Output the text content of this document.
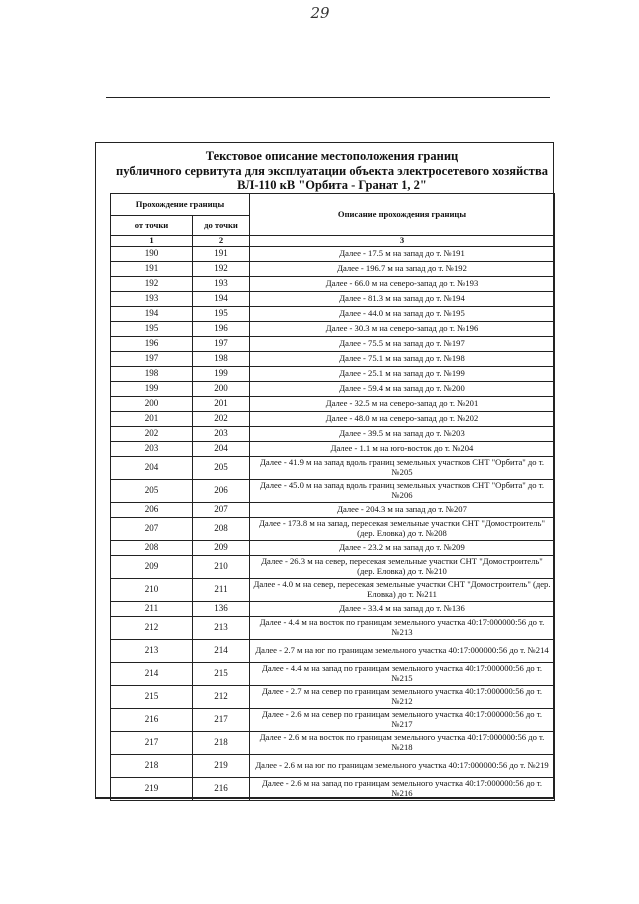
29
Текстовое описание местоположения границ
публичного сервитута для эксплуатации объекта электросетевого хозяйства
ВЛ-110 кВ "Орбита - Гранат 1, 2"
Прохождение границы		Описание прохождения границы
от точки	до точки	
1	2	3
190	191	Далее - 17.5 м на запад до т. №191
191	192	Далее - 196.7 м на запад до т. №192
192	193	Далее - 66.0 м на северо-запад до т. №193
193	194	Далее - 81.3 м на запад до т. №194
194	195	Далее - 44.0 м на запад до т. №195
195	196	Далее - 30.3 м на северо-запад до т. №196
196	197	Далее - 75.5 м на запад до т. №197
197	198	Далее - 75.1 м на запад до т. №198
198	199	Далее - 25.1 м на запад до т. №199
199	200	Далее - 59.4 м на запад до т. №200
200	201	Далее - 32.5 м на северо-запад до т. №201
201	202	Далее - 48.0 м на северо-запад до т. №202
202	203	Далее - 39.5 м на запад до т. №203
203	204	Далее - 1.1 м на юго-восток до т. №204
204	205	Далее - 41.9 м на запад вдоль границ земельных участков СНТ "Орбита" до т. №205
205	206	Далее - 45.0 м на запад вдоль границ земельных участков СНТ "Орбита" до т. №206
206	207	Далее - 204.3 м на запад до т. №207
207	208	Далее - 173.8 м на запад, пересекая земельные участки СНТ "Домостроитель" (дер. Еловка) до т. №208
208	209	Далее - 23.2 м на запад до т. №209
209	210	Далее - 26.3 м на север, пересекая земельные участки СНТ "Домостроитель" (дер. Еловка) до т. №210
210	211	Далее - 4.0 м на север, пересекая земельные участки СНТ "Домостроитель" (дер. Еловка) до т. №211
211	136	Далее - 33.4 м на запад до т. №136
212	213	Далее - 4.4 м на восток по границам земельного участка 40:17:000000:56 до т. №213
213	214	Далее - 2.7 м на юг по границам земельного участка 40:17:000000:56 до т. №214
214	215	Далее - 4.4 м на запад по границам земельного участка 40:17:000000:56 до т. №215
215	212	Далее - 2.7 м на север по границам земельного участка 40:17:000000:56 до т. №212
216	217	Далее - 2.6 м на север по границам земельного участка 40:17:000000:56 до т. №217
217	218	Далее - 2.6 м на восток по границам земельного участка 40:17:000000:56 до т. №218
218	219	Далее - 2.6 м на юг по границам земельного участка 40:17:000000:56 до т. №219
219	216	Далее - 2.6 м на запад по границам земельного участка 40:17:000000:56 до т. №216
